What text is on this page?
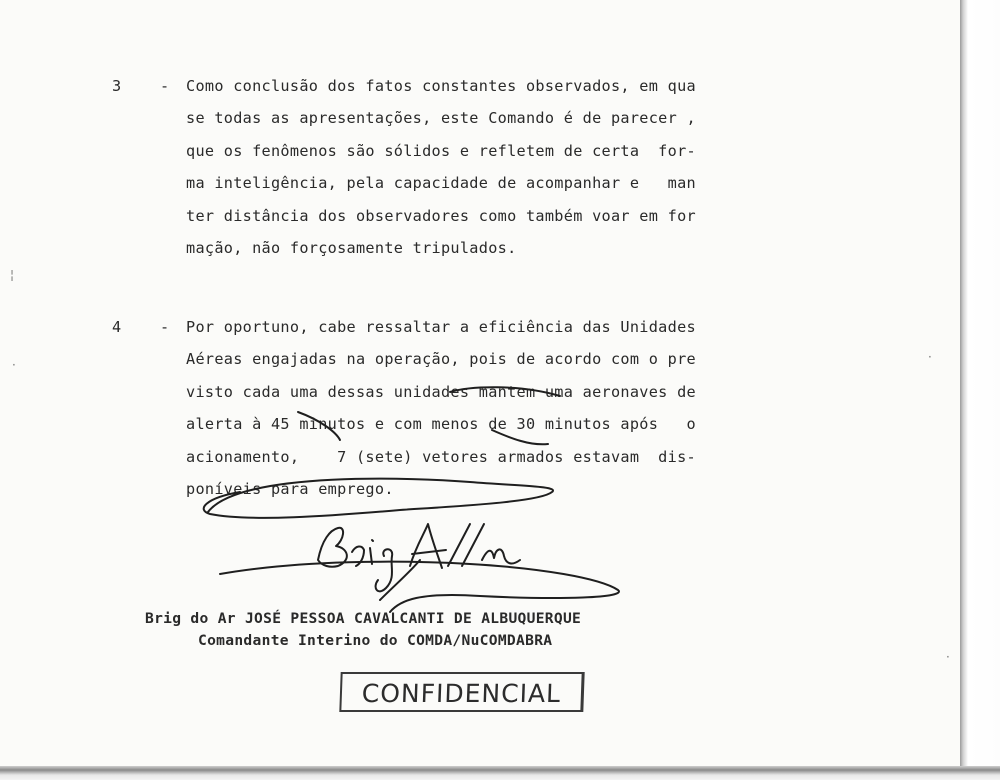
3	- Como conclusão dos fatos constantes observados, em qua
se todas as apresentações, este Comando é de parecer ,
que os fenômenos são sólidos e refletem de certa  for-
ma inteligência, pela capacidade de acompanhar e   man
ter distância dos observadores como também voar em for
mação, não forçosamente tripulados.
4	- Por oportuno, cabe ressaltar a eficiência das Unidades
Aéreas engajadas na operação, pois de acordo com o pre
visto cada uma dessas unidades mantem uma aeronaves de
alerta à 45 minutos e com menos de 30 minutos após   o
acionamento,    7 (sete) vetores armados estavam  dis-
poníveis para emprego.
Brig do Ar JOSÉ PESSOA CAVALCANTI DE ALBUQUERQUE
Comandante Interino do COMDA/NuCOMDABRA
CONFIDENCIAL
¦
·
·
·
